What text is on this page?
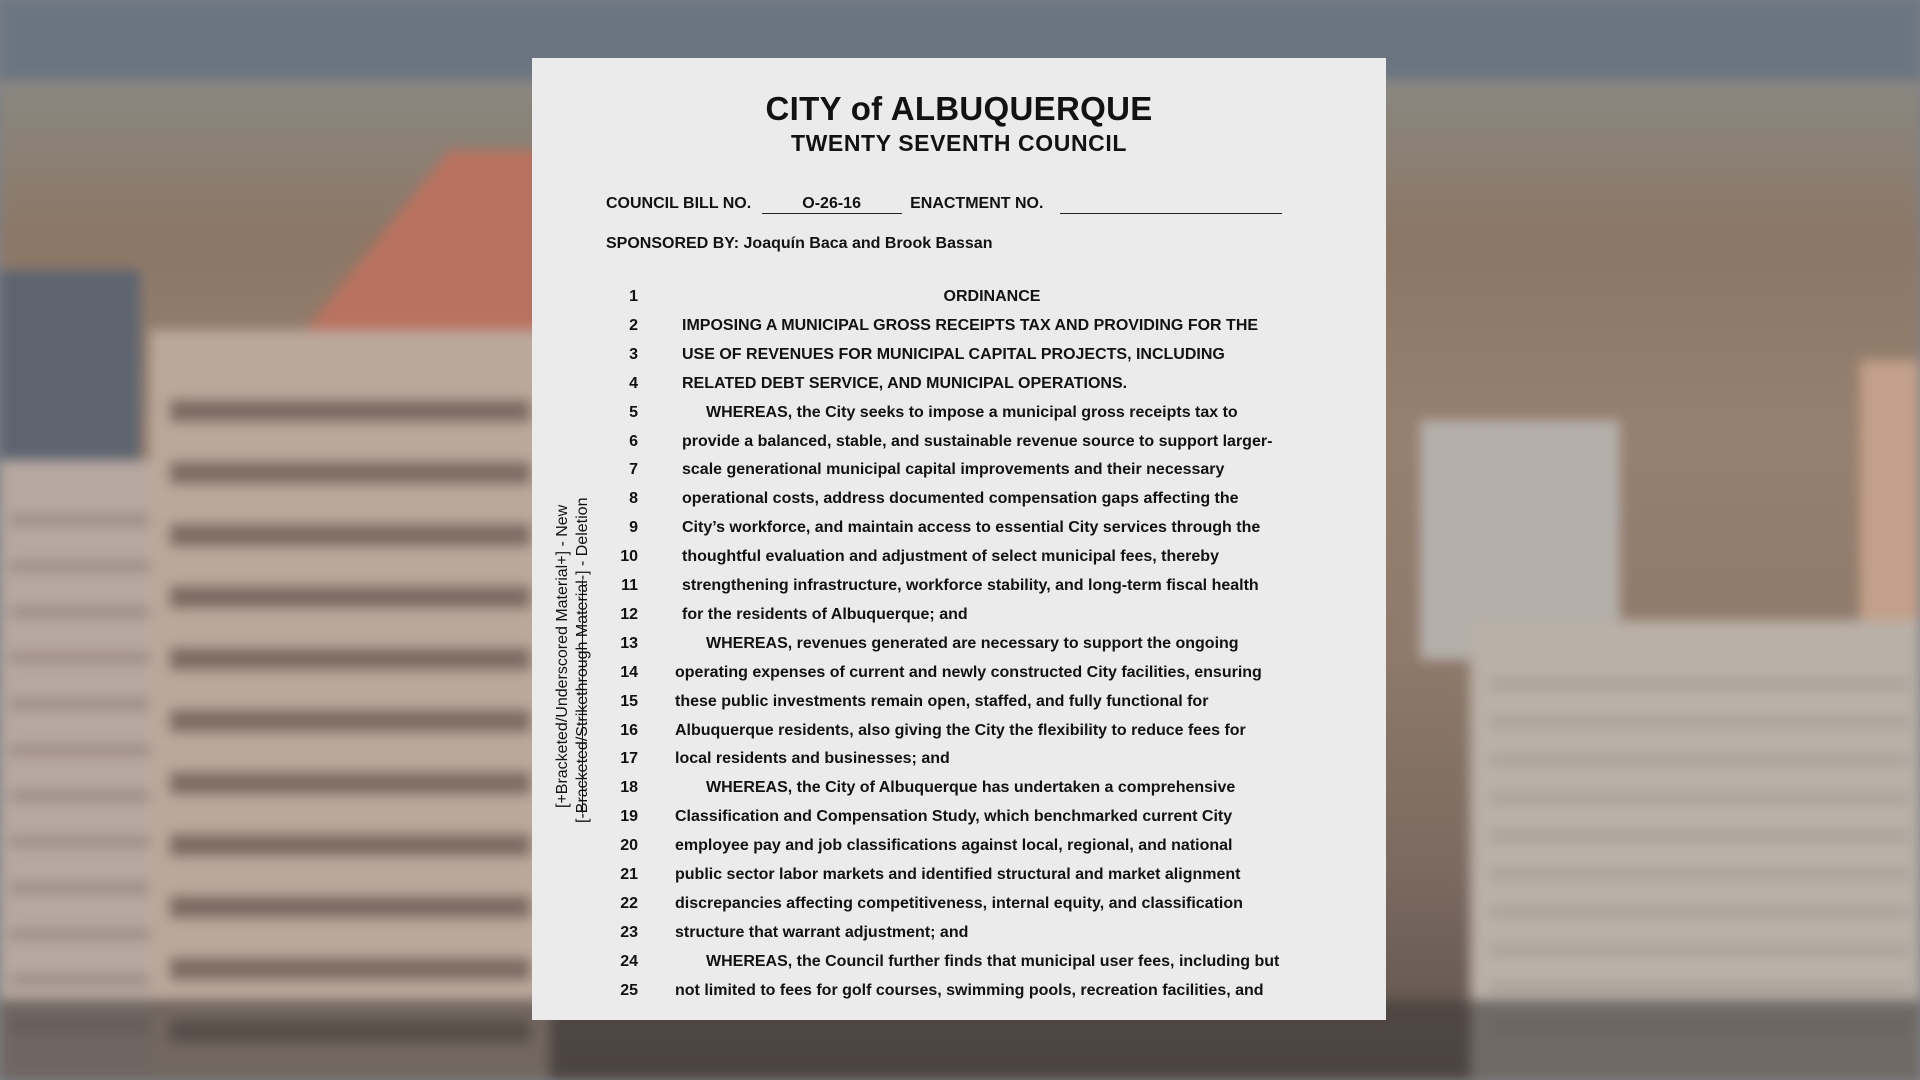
CITY of ALBUQUERQUE
TWENTY SEVENTH COUNCIL
COUNCIL BILL NO.	O-26-16	ENACTMENT NO.
SPONSORED BY: Joaquín Baca and Brook Bassan
[+Bracketed/Underscored Material+] - New
[-Bracketed/Strikethrough Material-] - Deletion
1	ORDINANCE
2	IMPOSING A MUNICIPAL GROSS RECEIPTS TAX AND PROVIDING FOR THE
3	USE OF REVENUES FOR MUNICIPAL CAPITAL PROJECTS, INCLUDING
4	RELATED DEBT SERVICE, AND MUNICIPAL OPERATIONS.
5	WHEREAS, the City seeks to impose a municipal gross receipts tax to
6	provide a balanced, stable, and sustainable revenue source to support larger-
7	scale generational municipal capital improvements and their necessary
8	operational costs, address documented compensation gaps affecting the
9	City’s workforce, and maintain access to essential City services through the
10	thoughtful evaluation and adjustment of select municipal fees, thereby
11	strengthening infrastructure, workforce stability, and long-term fiscal health
12	for the residents of Albuquerque; and
13	WHEREAS, revenues generated are necessary to support the ongoing
14 operating expenses of current and newly constructed City facilities, ensuring
15 these public investments remain open, staffed, and fully functional for
16 Albuquerque residents, also giving the City the flexibility to reduce fees for
17 local residents and businesses; and
18	WHEREAS, the City of Albuquerque has undertaken a comprehensive
19 Classification and Compensation Study, which benchmarked current City
20 employee pay and job classifications against local, regional, and national
21 public sector labor markets and identified structural and market alignment
22 discrepancies affecting competitiveness, internal equity, and classification
23 structure that warrant adjustment; and
24	WHEREAS, the Council further finds that municipal user fees, including but
25 not limited to fees for golf courses, swimming pools, recreation facilities, and
